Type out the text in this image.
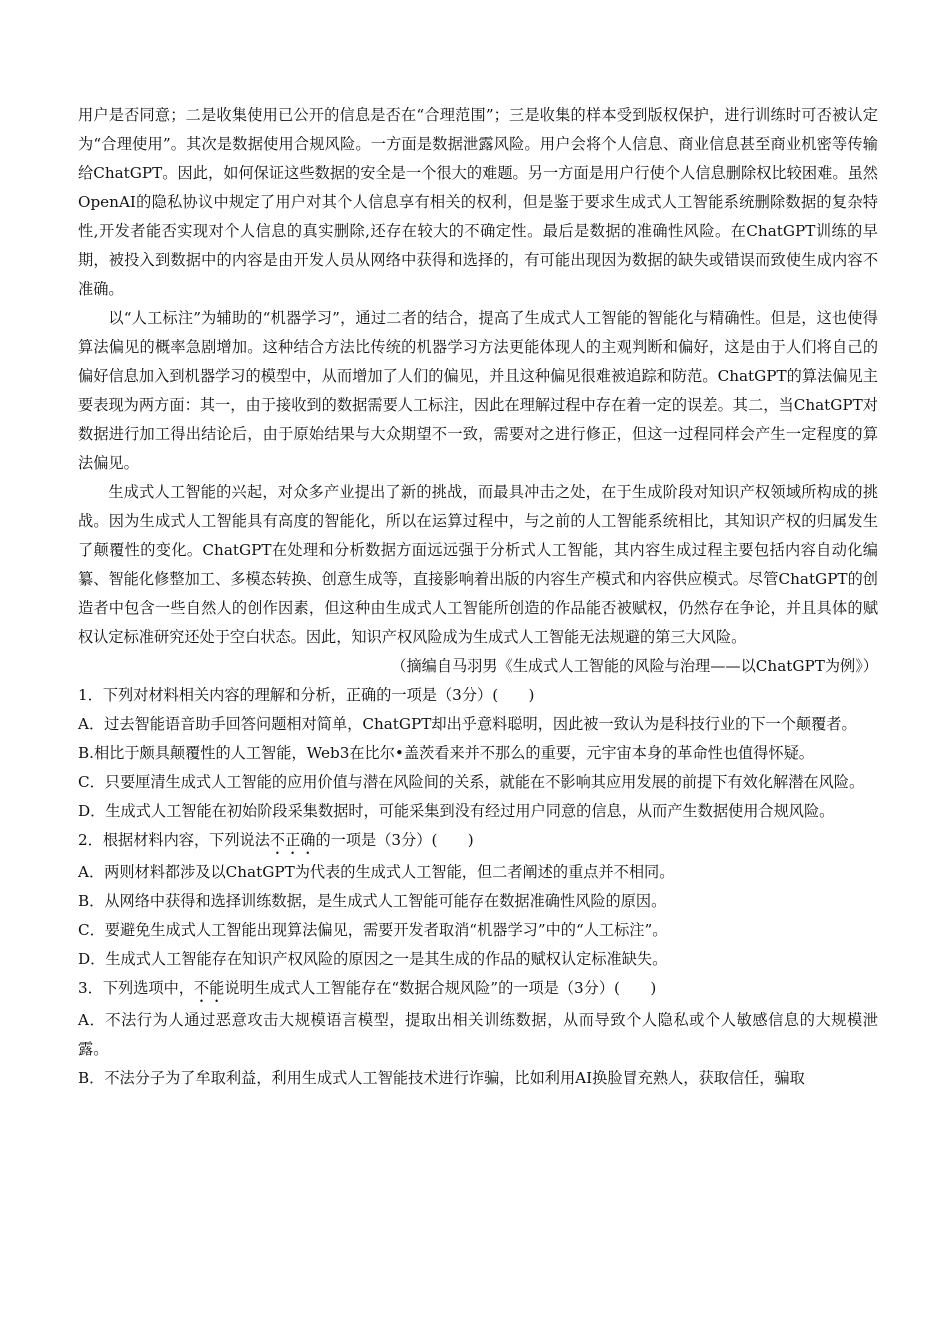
用户是否同意；二是收集使用已公开的信息是否在“合理范围”；三是收集的样本受到版权保护，进行训练时可否被认定为“合理使用”。其次是数据使用合规风险。一方面是数据泄露风险。用户会将个人信息、商业信息甚至商业机密等传输给ChatGPT。因此，如何保证这些数据的安全是一个很大的难题。另一方面是用户行使个人信息删除权比较困难。虽然OpenAI的隐私协议中规定了用户对其个人信息享有相关的权利，但是鉴于要求生成式人工智能系统删除数据的复杂特性,开发者能否实现对个人信息的真实删除,还存在较大的不确定性。最后是数据的准确性风险。在ChatGPT训练的早期，被投入到数据中的内容是由开发人员从网络中获得和选择的，有可能出现因为数据的缺失或错误而致使生成内容不准确。

以“人工标注”为辅助的“机器学习”，通过二者的结合，提高了生成式人工智能的智能化与精确性。但是，这也使得算法偏见的概率急剧增加。这种结合方法比传统的机器学习方法更能体现人的主观判断和偏好，这是由于人们将自己的偏好信息加入到机器学习的模型中，从而增加了人们的偏见，并且这种偏见很难被追踪和防范。ChatGPT的算法偏见主要表现为两方面：其一，由于接收到的数据需要人工标注，因此在理解过程中存在着一定的误差。其二，当ChatGPT对数据进行加工得出结论后，由于原始结果与大众期望不一致，需要对之进行修正，但这一过程同样会产生一定程度的算法偏见。

生成式人工智能的兴起，对众多产业提出了新的挑战，而最具冲击之处，在于生成阶段对知识产权领域所构成的挑战。因为生成式人工智能具有高度的智能化，所以在运算过程中，与之前的人工智能系统相比，其知识产权的归属发生了颠覆性的变化。ChatGPT在处理和分析数据方面远远强于分析式人工智能，其内容生成过程主要包括内容自动化编纂、智能化修整加工、多模态转换、创意生成等，直接影响着出版的内容生产模式和内容供应模式。尽管ChatGPT的创造者中包含一些自然人的创作因素，但这种由生成式人工智能所创造的作品能否被赋权，仍然存在争论，并且具体的赋权认定标准研究还处于空白状态。因此，知识产权风险成为生成式人工智能无法规避的第三大风险。

（摘编自马羽男《生成式人工智能的风险与治理——以ChatGPT为例》）

1．下列对材料相关内容的理解和分析，正确的一项是（3分）(　　)

A．过去智能语音助手回答问题相对简单，ChatGPT却出乎意料聪明，因此被一致认为是科技行业的下一个颠覆者。

B.相比于颇具颠覆性的人工智能，Web3在比尔•盖茨看来并不那么的重要，元宇宙本身的革命性也值得怀疑。

C．只要厘清生成式人工智能的应用价值与潜在风险间的关系，就能在不影响其应用发展的前提下有效化解潜在风险。

D．生成式人工智能在初始阶段采集数据时，可能采集到没有经过用户同意的信息，从而产生数据使用合规风险。

2．根据材料内容，下列说法不正确的一项是（3分）(　　)

A．两则材料都涉及以ChatGPT为代表的生成式人工智能，但二者阐述的重点并不相同。

B．从网络中获得和选择训练数据，是生成式人工智能可能存在数据准确性风险的原因。

C．要避免生成式人工智能出现算法偏见，需要开发者取消“机器学习”中的“人工标注”。

D．生成式人工智能存在知识产权风险的原因之一是其生成的作品的赋权认定标准缺失。

3．下列选项中，不能说明生成式人工智能存在“数据合规风险”的一项是（3分）(　　)

A．不法行为人通过恶意攻击大规模语言模型，提取出相关训练数据，从而导致个人隐私或个人敏感信息的大规模泄露。

B．不法分子为了牟取利益，利用生成式人工智能技术进行诈骗，比如利用AI换脸冒充熟人，获取信任，骗取
